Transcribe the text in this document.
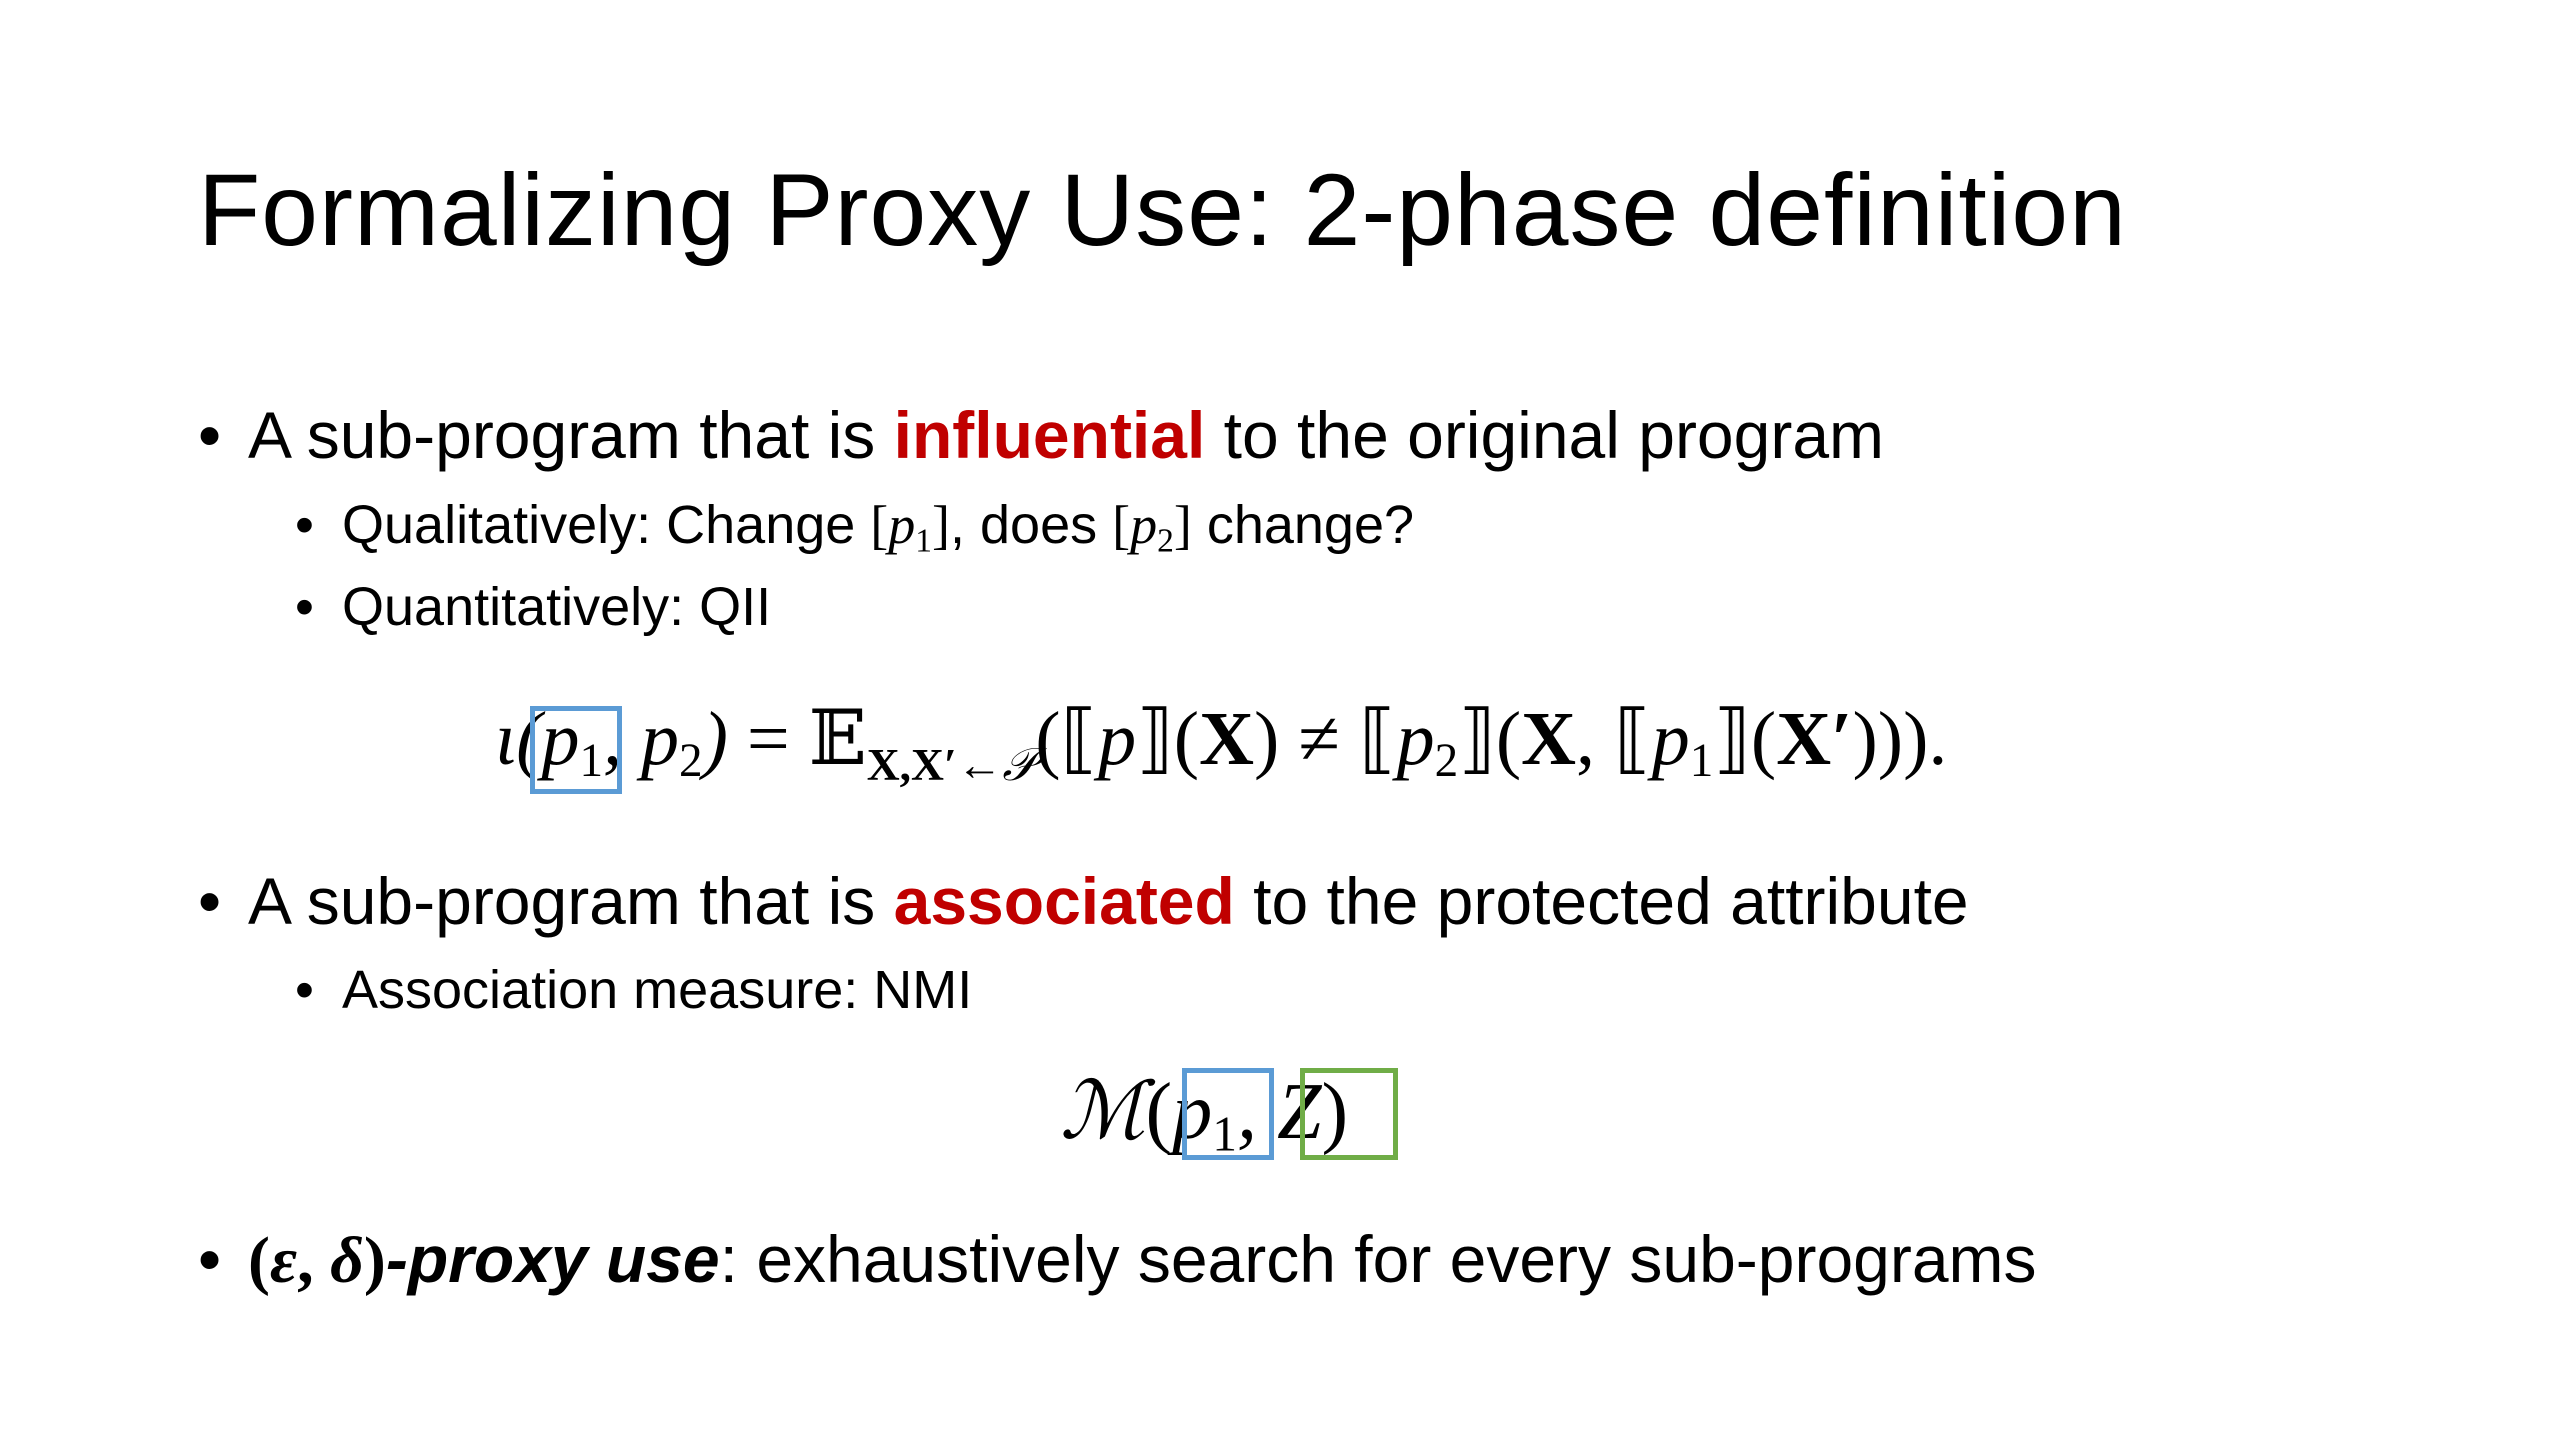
Formalizing Proxy Use: 2-phase definition
• A sub-program that is influential to the original program
• Qualitatively: Change $[p_1]$, does $[p_2]$ change?
• Quantitatively: QII
$\iota(p_1$, $p_2$) = 𝔼$_{X,X'\leftarrow 𝒫}$(⟦p⟧(X) ≠ $⟦p_2⟧(X$, $⟦p_1⟧(X')$)).
• A sub-program that is associated to the protected attribute
• Association measure: NMI
$ℳ(p_1$, Z)
• (ε, δ)-proxy use: exhaustively search for every sub-programs
